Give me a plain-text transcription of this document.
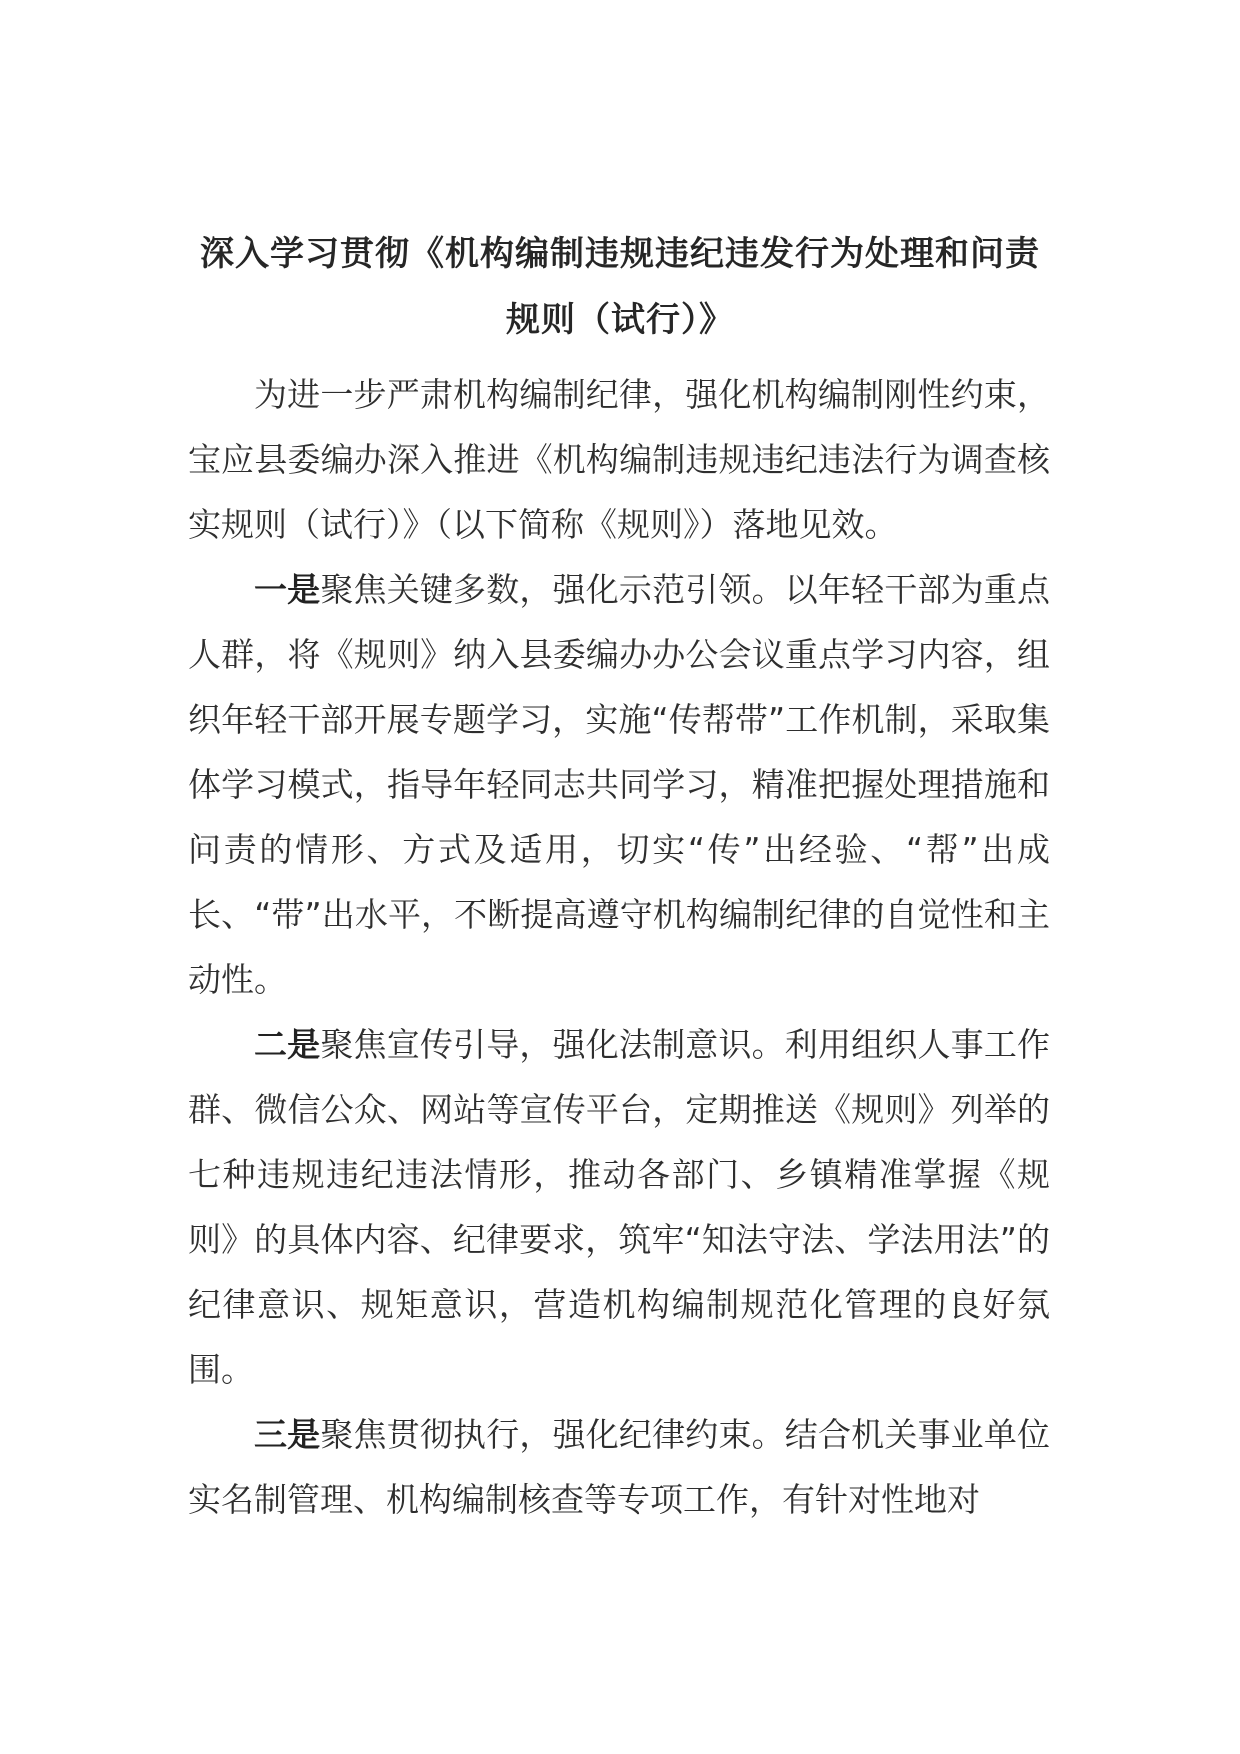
深入学习贯彻《机构编制违规违纪违发行为处理和问责规则（试行）》

为进一步严肃机构编制纪律，强化机构编制刚性约束，宝应县委编办深入推进《机构编制违规违纪违法行为调查核实规则（试行）》（以下简称《规则》）落地见效。

一是聚焦关键多数，强化示范引领。以年轻干部为重点人群，将《规则》纳入县委编办办公会议重点学习内容，组织年轻干部开展专题学习，实施“传帮带”工作机制，采取集体学习模式，指导年轻同志共同学习，精准把握处理措施和问责的情形、方式及适用，切实“传”出经验、“帮”出成长、“带”出水平，不断提高遵守机构编制纪律的自觉性和主动性。

二是聚焦宣传引导，强化法制意识。利用组织人事工作群、微信公众、网站等宣传平台，定期推送《规则》列举的七种违规违纪违法情形，推动各部门、乡镇精准掌握《规则》的具体内容、纪律要求，筑牢“知法守法、学法用法”的纪律意识、规矩意识，营造机构编制规范化管理的良好氛围。

三是聚焦贯彻执行，强化纪律约束。结合机关事业单位实名制管理、机构编制核查等专项工作，有针对性地对
